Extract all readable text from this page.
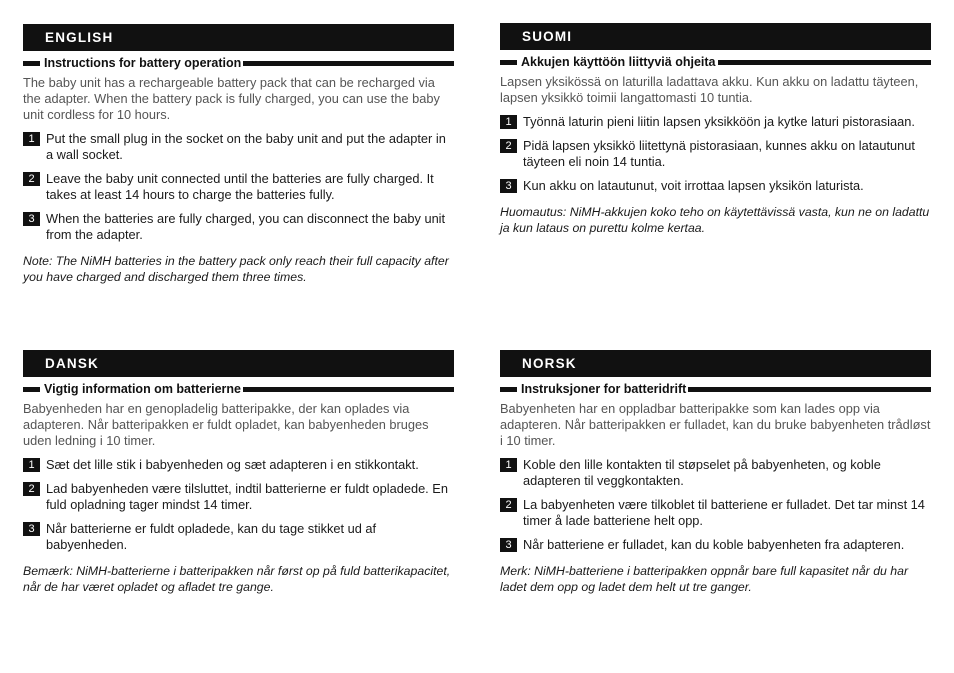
ENGLISH
Instructions for battery operation
The baby unit has a rechargeable battery pack that can be recharged via the adapter. When the battery pack is fully charged, you can use the baby unit cordless for 10 hours.
1 Put the small plug in the socket on the baby unit and put the adapter in a wall socket.
2 Leave the baby unit connected until the batteries are fully charged. It takes at least 14 hours to charge the batteries fully.
3 When the batteries are fully charged, you can disconnect the baby unit from the adapter.
Note: The NiMH batteries in the battery pack only reach their full capacity after you have charged and discharged them three times.
SUOMI
Akkujen käyttöön liittyviä ohjeita
Lapsen yksikössä on laturilla ladattava akku. Kun akku on ladattu täyteen, lapsen yksikkö toimii langattomasti 10 tuntia.
1 Työnnä laturin pieni liitin lapsen yksikköön ja kytke laturi pistorasiaan.
2 Pidä lapsen yksikkö liitettynä pistorasiaan, kunnes akku on latautunut täyteen eli noin 14 tuntia.
3 Kun akku on latautunut, voit irrottaa lapsen yksikön laturista.
Huomautus: NiMH-akkujen koko teho on käytettävissä vasta, kun ne on ladattu ja kun lataus on purettu kolme kertaa.
DANSK
Vigtig information om batterierne
Babyenheden har en genopladelig batteripakke, der kan oplades via adapteren. Når batteripakken er fuldt opladet, kan babyenheden bruges uden ledning i 10 timer.
1 Sæt det lille stik i babyenheden og sæt adapteren i en stikkontakt.
2 Lad babyenheden være tilsluttet, indtil batterierne er fuldt opladede. En fuld opladning tager mindst 14 timer.
3 Når batterierne er fuldt opladede, kan du tage stikket ud af babyenheden.
Bemærk: NiMH-batterierne i batteripakken når først op på fuld batterikapacitet, når de har været opladet og afladet tre gange.
NORSK
Instruksjoner for batteridrift
Babyenheten har en oppladbar batteripakke som kan lades opp via adapteren. Når batteripakken er fulladet, kan du bruke babyenheten trådløst i 10 timer.
1 Koble den lille kontakten til støpselet på babyenheten, og koble adapteren til veggkontakten.
2 La babyenheten være tilkoblet til batteriene er fulladet. Det tar minst 14 timer å lade batteriene helt opp.
3 Når batteriene er fulladet, kan du koble babyenheten fra adapteren.
Merk: NiMH-batteriene i batteripakken oppnår bare full kapasitet når du har ladet dem opp og ladet dem helt ut tre ganger.
